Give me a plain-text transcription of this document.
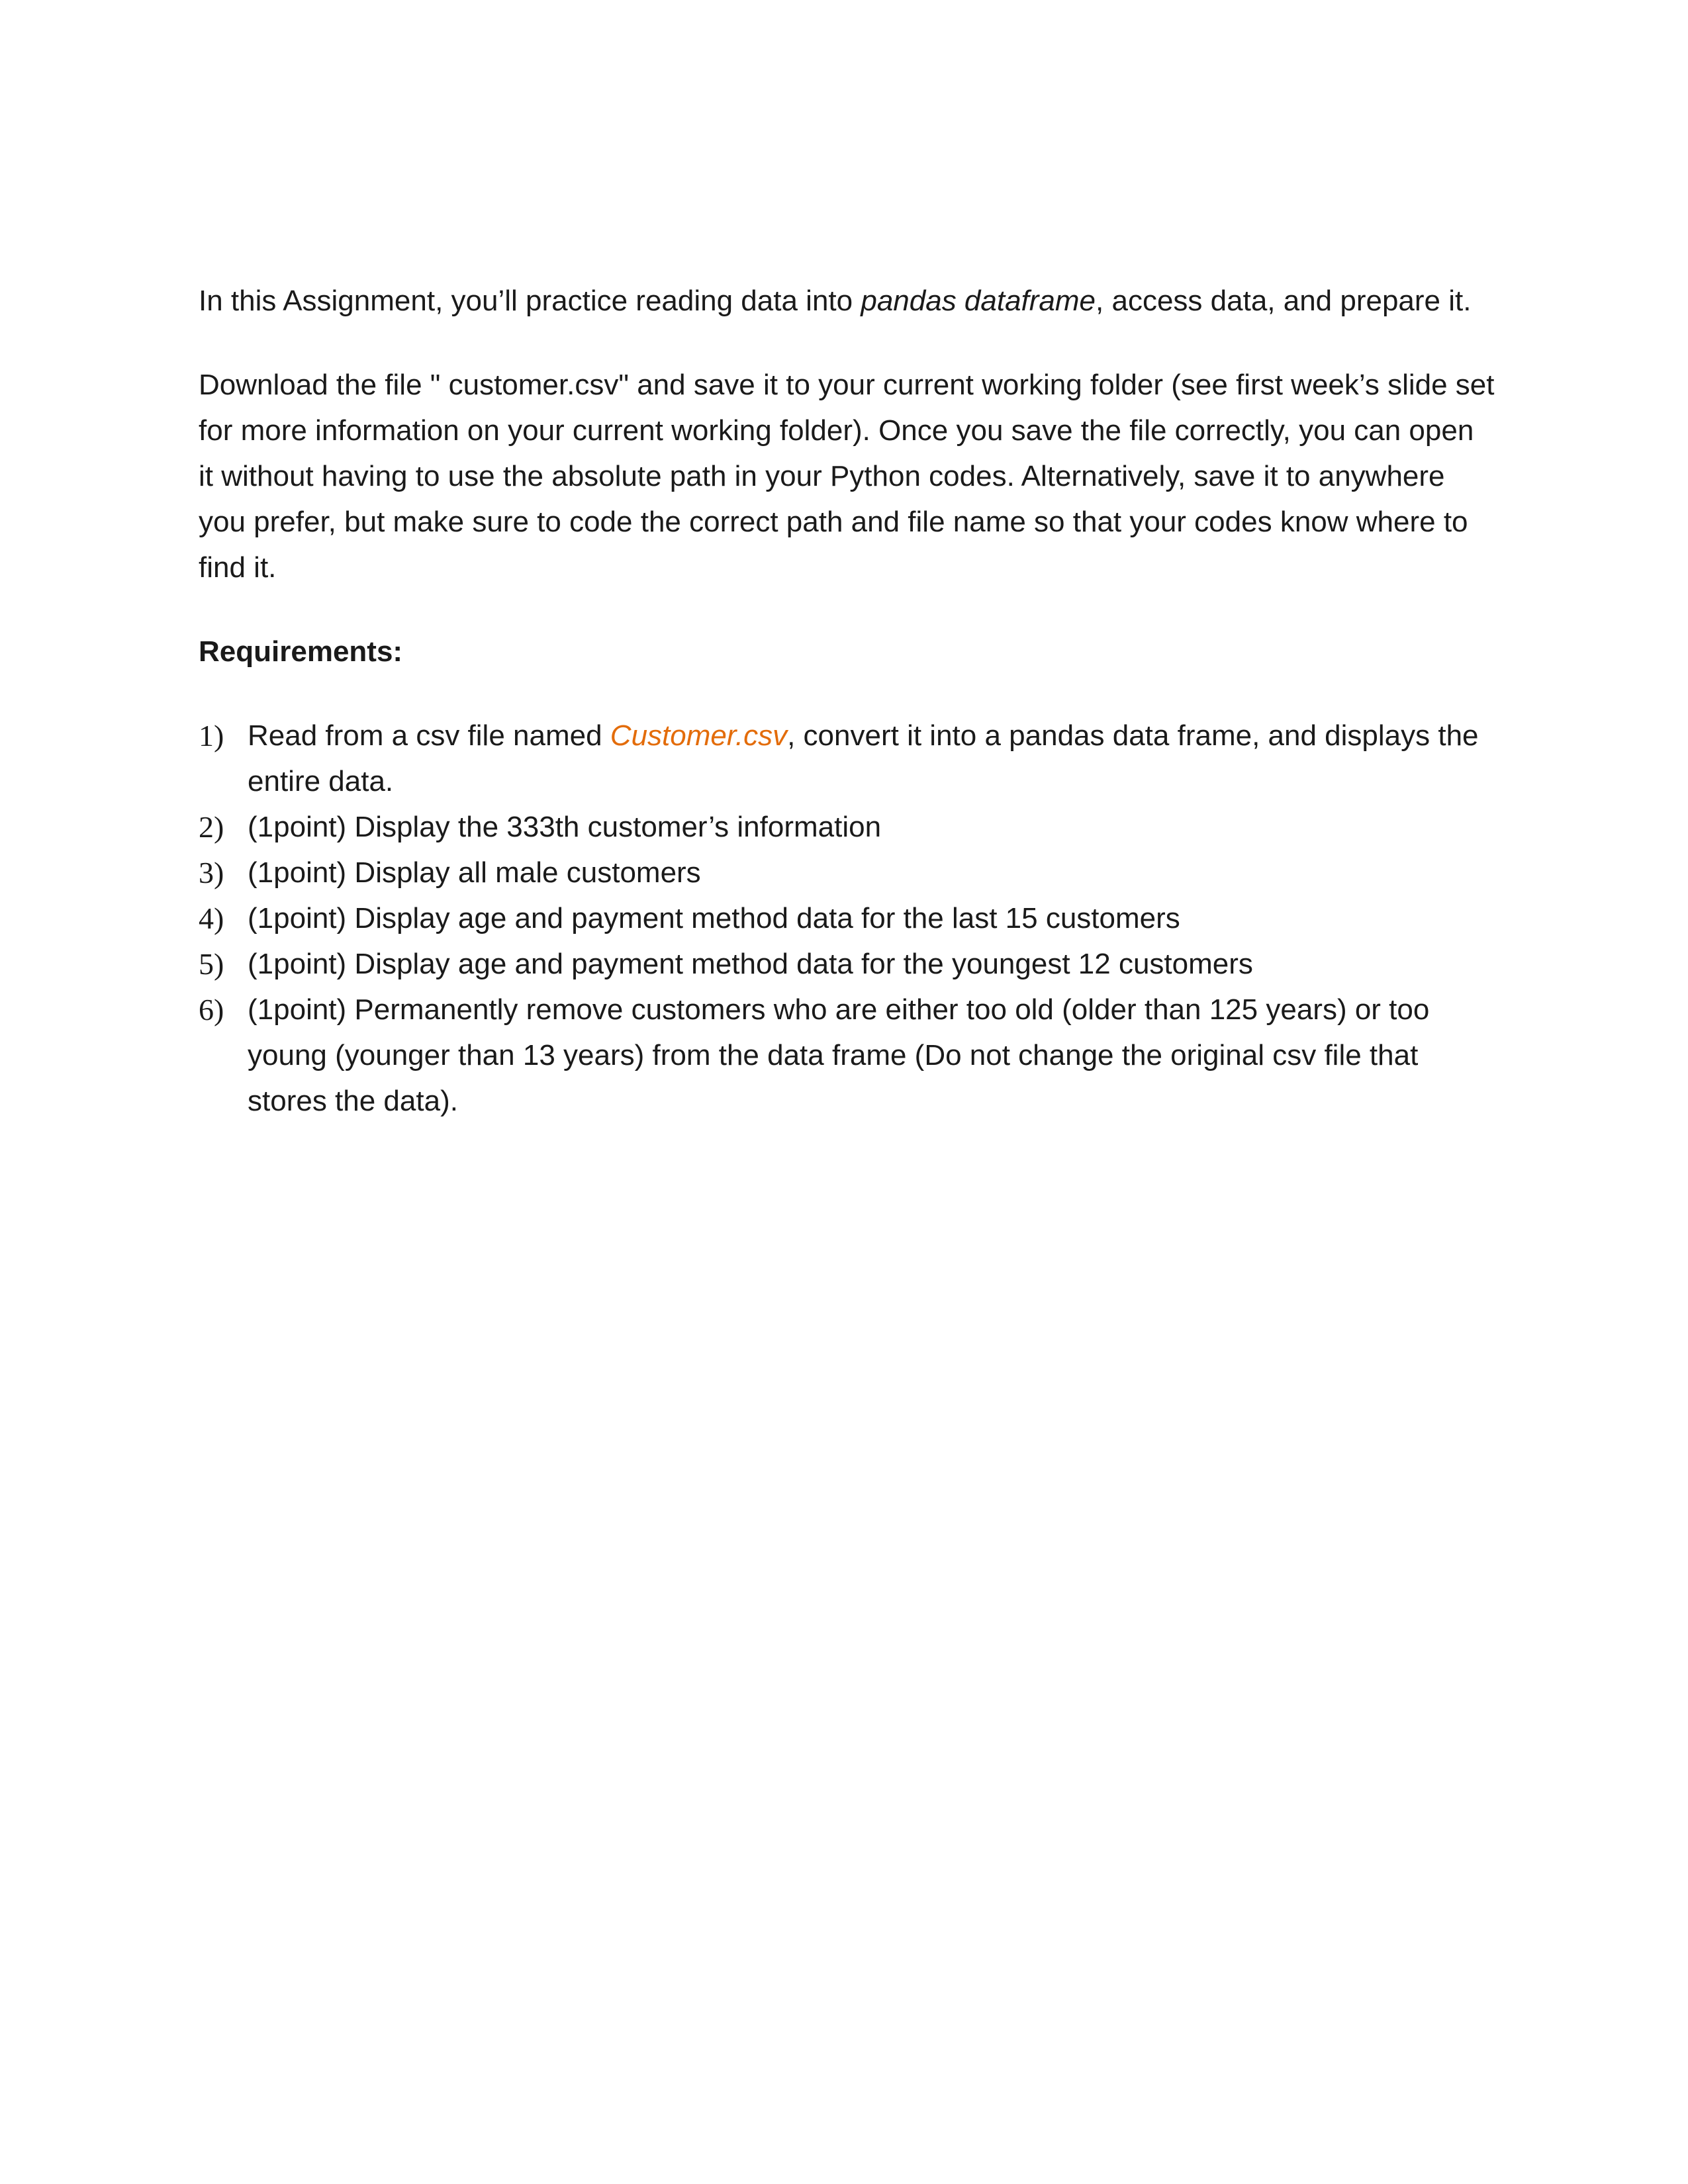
In this Assignment, you’ll practice reading data into pandas dataframe, access data, and prepare it.

Download the file " customer.csv" and save it to your current working folder (see first week’s slide set for more information on your current working folder). Once you save the file correctly, you can open it without having to use the absolute path in your Python codes. Alternatively, save it to anywhere you prefer, but make sure to code the correct path and file name so that your codes know where to find it.

Requirements:

1) Read from a csv file named Customer.csv, convert it into a pandas data frame, and displays the entire data.
2) (1point) Display the 333th customer’s information
3) (1point) Display all male customers
4) (1point) Display age and payment method data for the last 15 customers
5) (1point) Display age and payment method data for the youngest 12 customers
6) (1point) Permanently remove customers who are either too old (older than 125 years) or too young (younger than 13 years) from the data frame (Do not change the original csv file that stores the data).
